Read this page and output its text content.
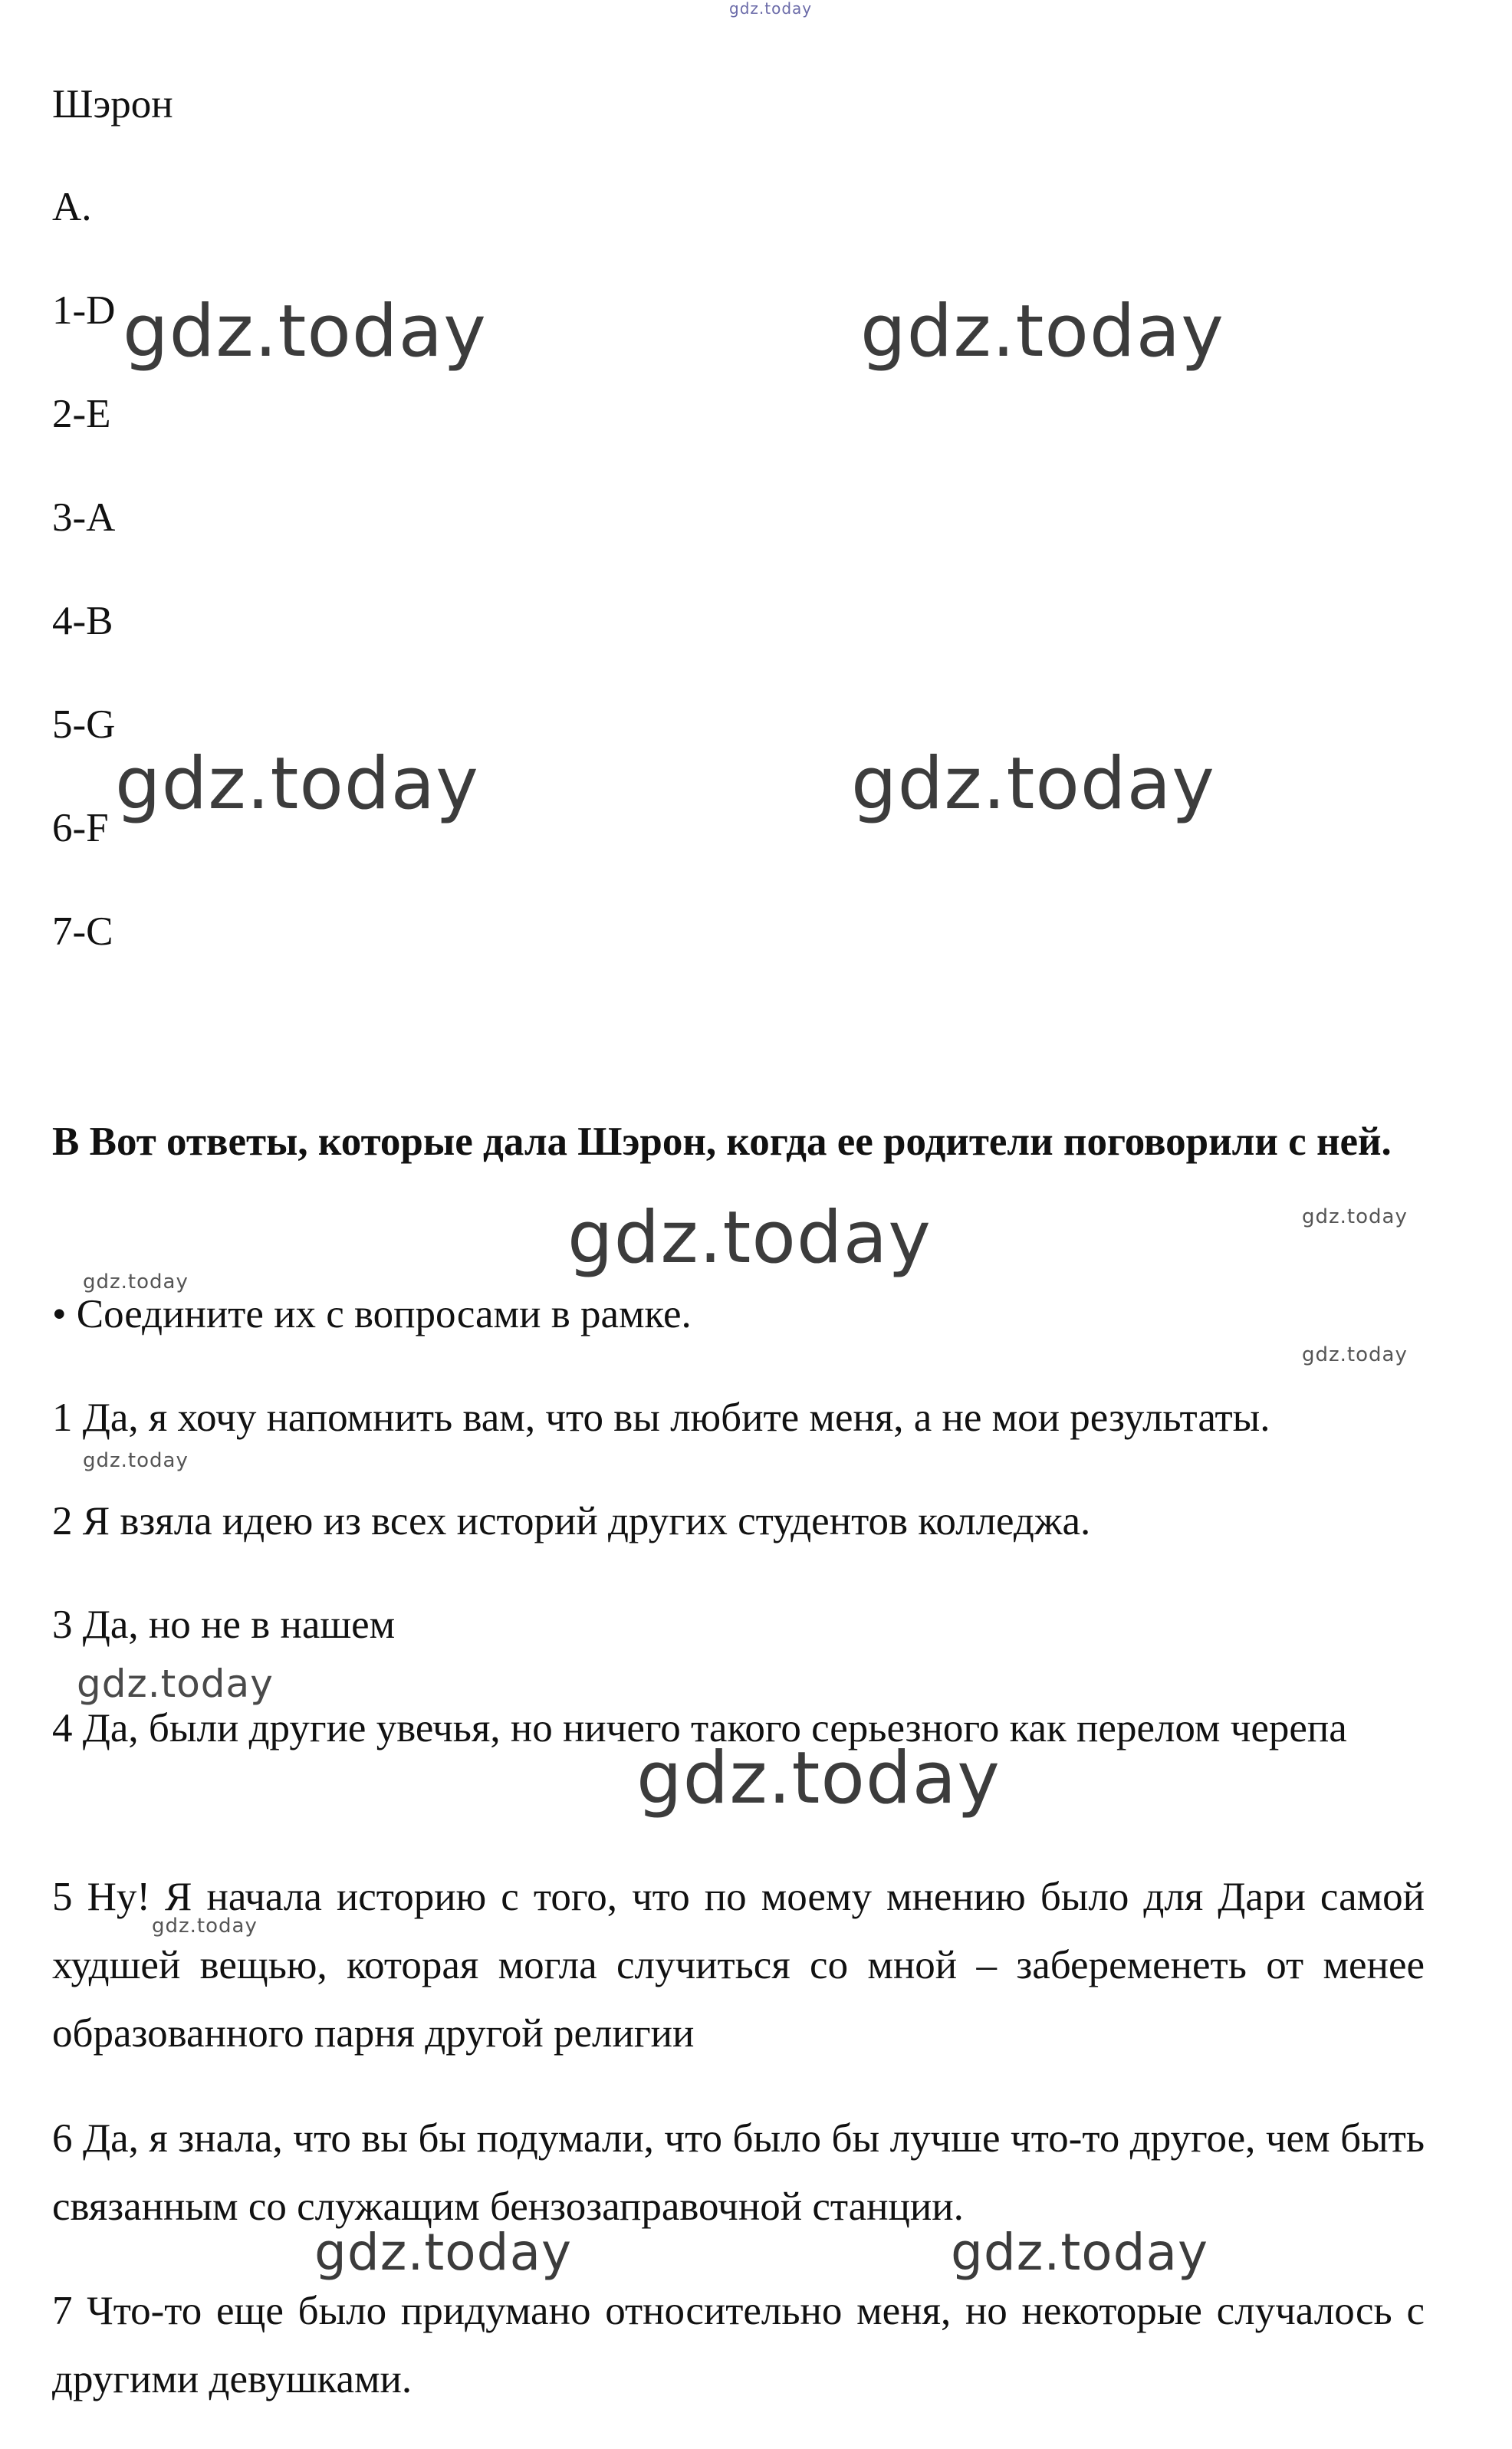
gdz.today
Шэрон
A.
1-D
2-E
3-A
4-B
5-G
6-F
7-C
В Вот ответы, которые дала Шэрон, когда ее родители поговорили с ней.
• Соедините их с вопросами в рамке.
1 Да, я хочу напомнить вам, что вы любите меня, а не мои результаты.
2 Я взяла идею из всех историй других студентов колледжа.
3 Да, но не в нашем
4 Да, были другие увечья, но ничего такого серьезного как перелом черепа
5 Ну! Я начала историю с того, что по моему мнению было для Дари самой худшей вещью, которая могла случиться со мной – забеременеть от менее образованного парня другой религии
6 Да, я знала, что вы бы подумали, что было бы лучше что-то другое, чем быть связанным со служащим бензозаправочной станции.
7 Что-то еще было придумано относительно меня, но некоторые случалось с другими девушками.
gdz.today	gdz.today
gdz.today	gdz.today
gdz.today	gdz.today
gdz.today
gdz.today
gdz.today
gdz.today
gdz.today
gdz.today
gdz.today	gdz.today
